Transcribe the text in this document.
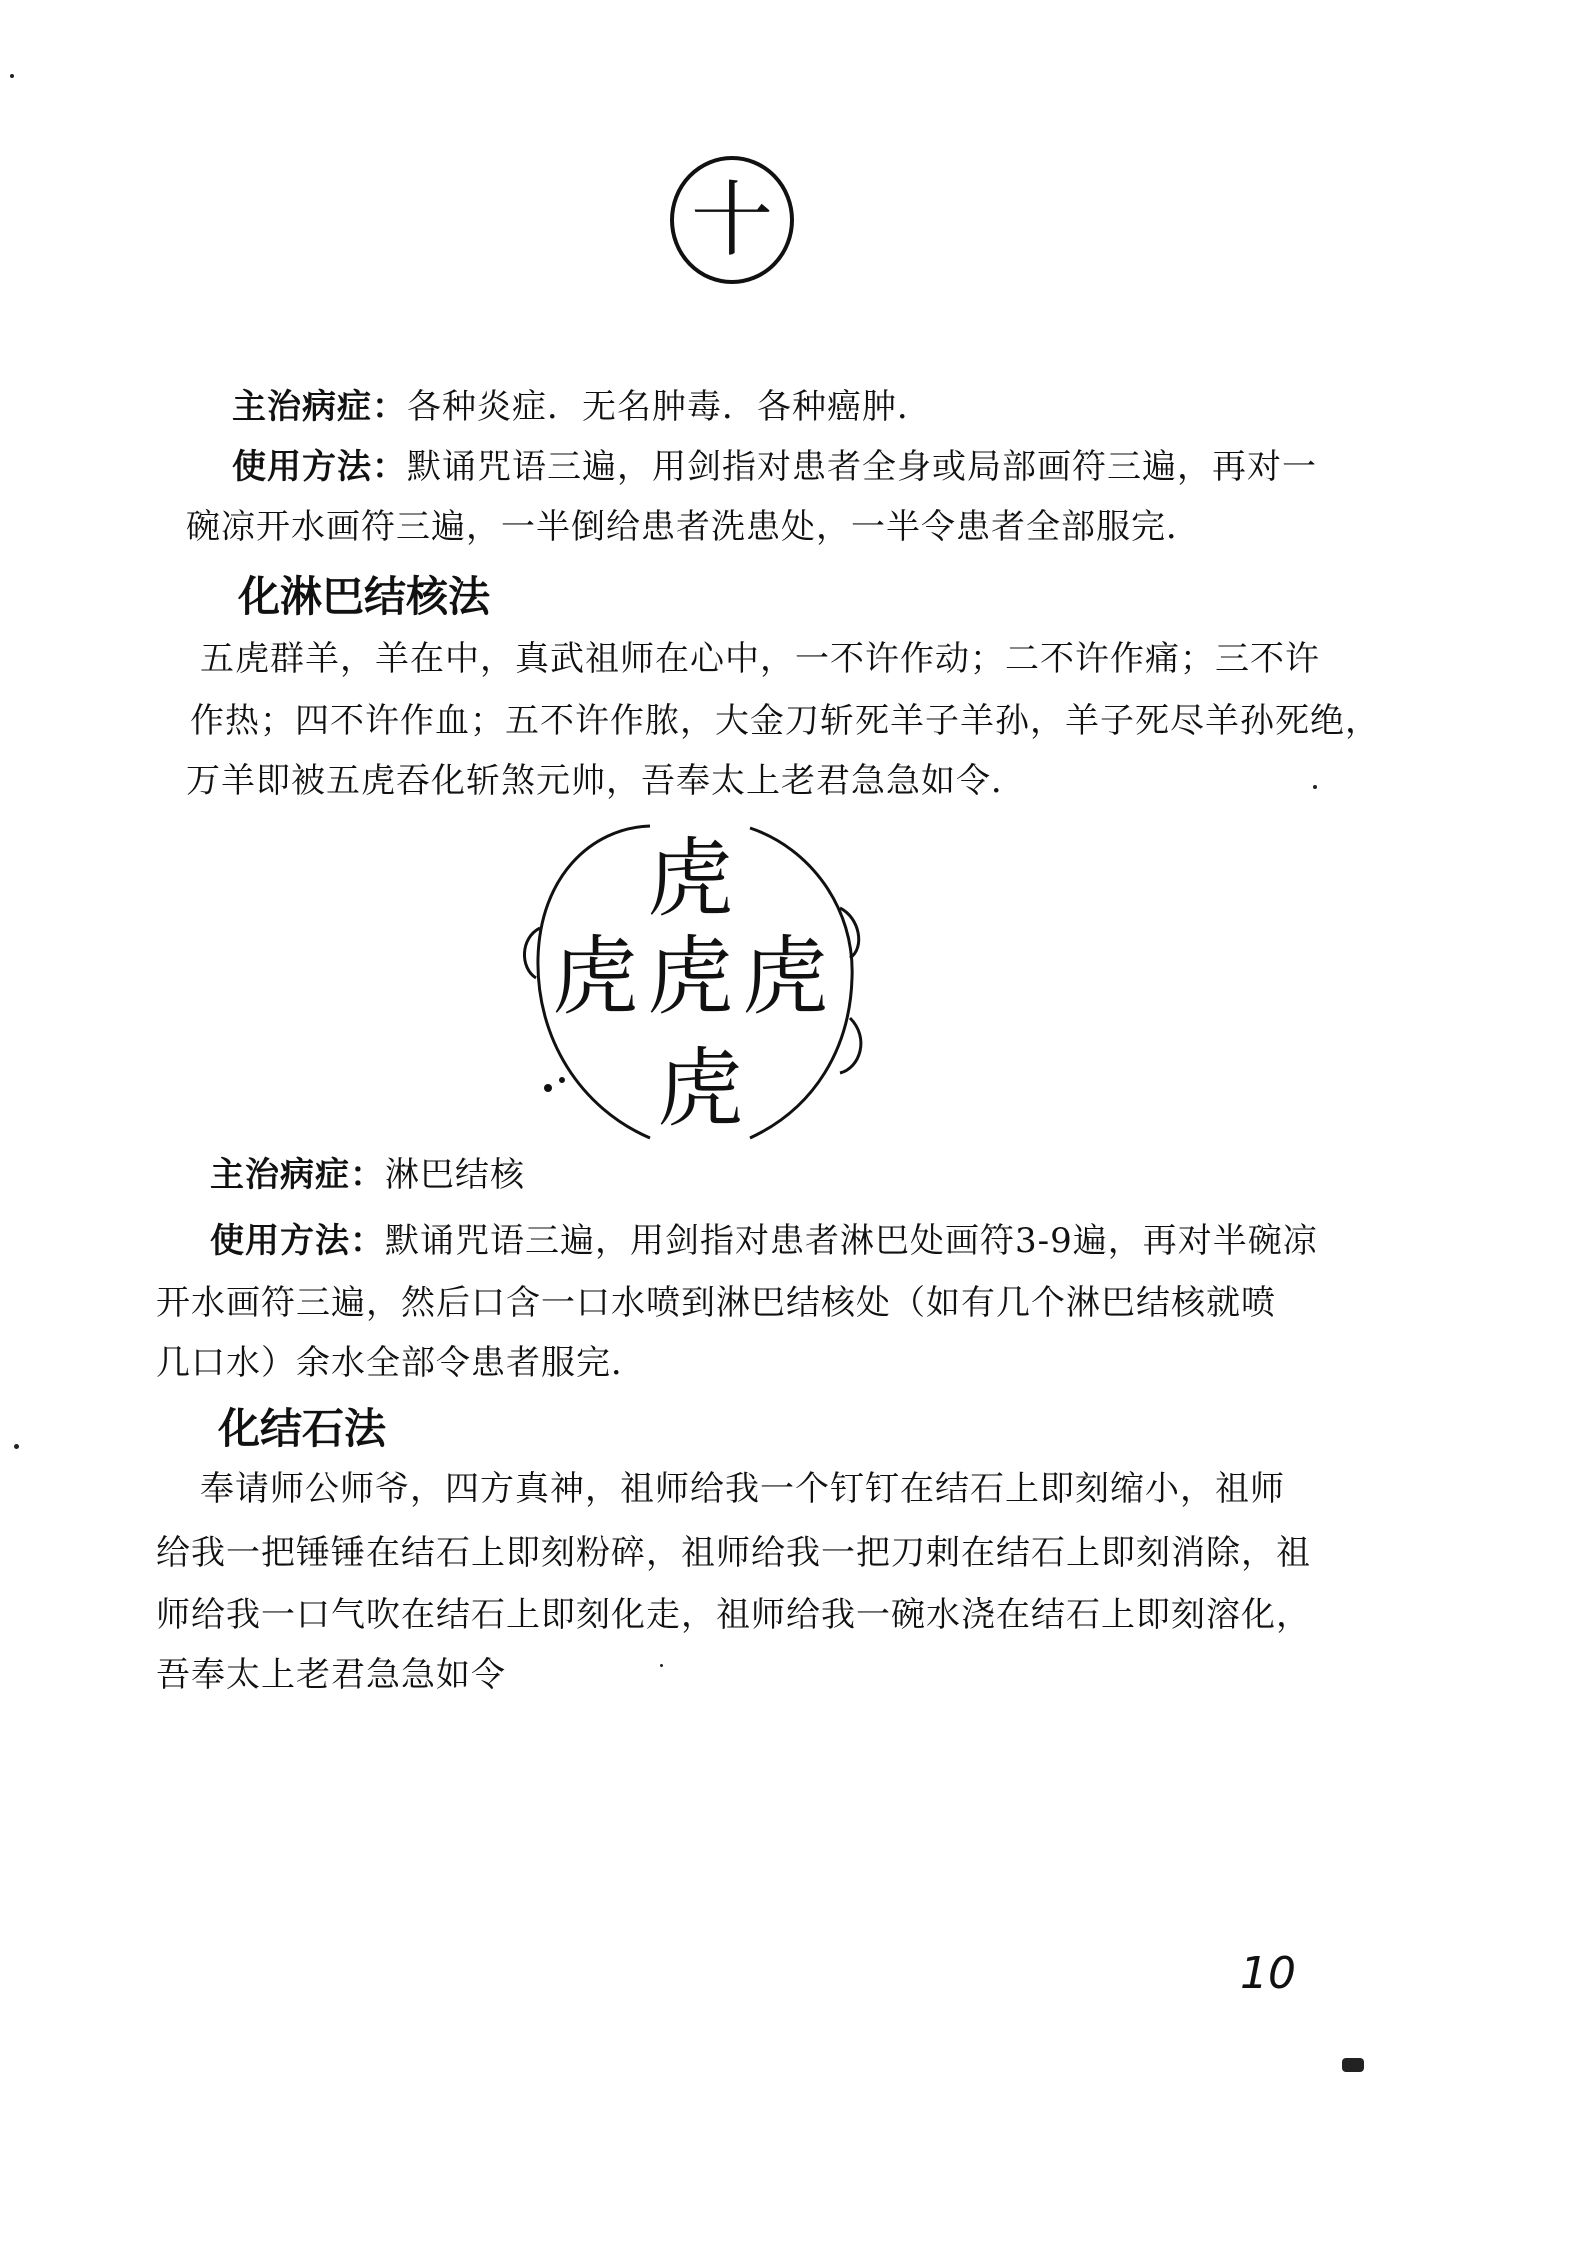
十
主治病症：各种炎症．无名肿毒．各种癌肿．
使用方法：默诵咒语三遍，用剑指对患者全身或局部画符三遍，再对一
碗凉开水画符三遍，一半倒给患者洗患处，一半令患者全部服完．
化淋巴结核法
五虎群羊，羊在中，真武祖师在心中，一不许作动；二不许作痛；三不许
作热；四不许作血；五不许作脓，大金刀斩死羊子羊孙，羊子死尽羊孙死绝，
万羊即被五虎吞化斩煞元帅，吾奉太上老君急急如令．
虎
虎 虎 虎
虎
主治病症：淋巴结核
使用方法：默诵咒语三遍，用剑指对患者淋巴处画符3-9遍，再对半碗凉
开水画符三遍，然后口含一口水喷到淋巴结核处（如有几个淋巴结核就喷
几口水）余水全部令患者服完．
化结石法
奉请师公师爷，四方真神，祖师给我一个钉钉在结石上即刻缩小，祖师
给我一把锤锤在结石上即刻粉碎，祖师给我一把刀剌在结石上即刻消除，祖
师给我一口气吹在结石上即刻化走，祖师给我一碗水浇在结石上即刻溶化，
吾奉太上老君急急如令
10
